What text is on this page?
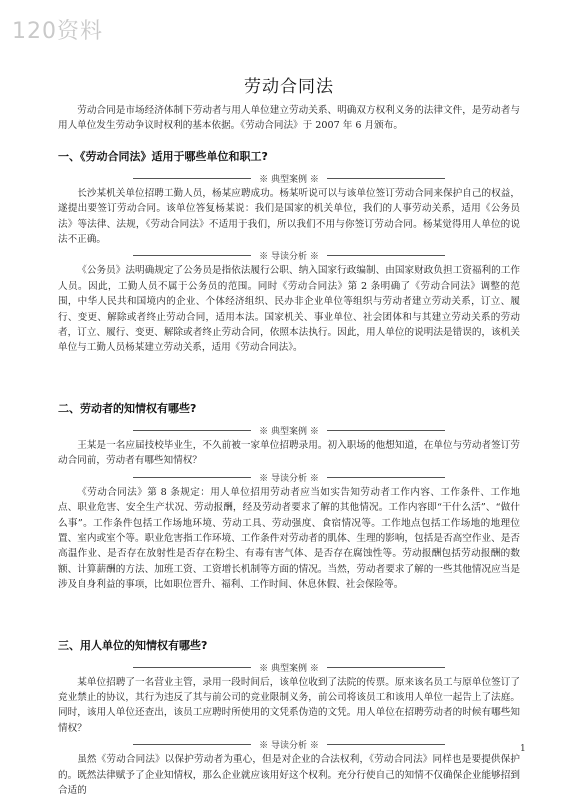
120资料
劳动合同法

劳动合同是市场经济体制下劳动者与用人单位建立劳动关系、明确双方权利义务的法律文件，是劳动者与用人单位发生劳动争议时权利的基本依据。《劳动合同法》于 2007 年 6 月颁布。

一、《劳动合同法》适用于哪些单位和职工?
※ 典型案例 ※

长沙某机关单位招聘工勤人员，杨某应聘成功。杨某听说可以与该单位签订劳动合同来保护自己的权益，遂提出要签订劳动合同。该单位答复杨某说：我们是国家的机关单位，我们的人事劳动关系，适用《公务员法》等法律、法规，《劳动合同法》不适用于我们，所以我们不用与你签订劳动合同。杨某觉得用人单位的说法不正确。

※ 导读分析 ※

《公务员》法明确规定了公务员是指依法履行公职、纳入国家行政编制、由国家财政负担工资福利的工作人员。因此，工勤人员不属于公务员的范围。同时《劳动合同法》第 2 条明确了《劳动合同法》调整的范围，中华人民共和国境内的企业、个体经济组织、民办非企业单位等组织与劳动者建立劳动关系，订立、履行、变更、解除或者终止劳动合同，适用本法。国家机关、事业单位、社会团体和与其建立劳动关系的劳动者，订立、履行、变更、解除或者终止劳动合同，依照本法执行。因此，用人单位的说明法是错误的，该机关单位与工勤人员杨某建立劳动关系，适用《劳动合同法》。

二、劳动者的知情权有哪些?
※ 典型案例 ※

王某是一名应届技校毕业生，不久前被一家单位招聘录用。初入职场的他想知道，在单位与劳动者签订劳动合同前，劳动者有哪些知情权？

※ 导读分析 ※

《劳动合同法》第 8 条规定：用人单位招用劳动者应当如实告知劳动者工作内容、工作条件、工作地点、职业危害、安全生产状况、劳动报酬，经及劳动者要求了解的其他情况。工作内容即“干什么活”、“做什么事”。工作条件包括工作场地环境、劳动工具、劳动强度、食宿情况等。工作地点包括工作场地的地理位置、室内或室个等。职业危害指工作环境、工作条件对劳动者的肌体、生理的影响，包括是否高空作业、是否高温作业、是否存在放射性是否存在粉尘、有毒有害气体、是否存在腐蚀性等。劳动报酬包括劳动报酬的数额、计算薪酬的方法、加班工资、工资增长机制等方面的情况。当然，劳动者要求了解的一些其他情况应当是涉及自身利益的事项，比如职位晋升、福利、工作时间、休息休假、社会保险等。

三、用人单位的知情权有哪些?
※ 典型案例 ※

某单位招聘了一名营业主管，录用一段时间后，该单位收到了法院的传票。原来该名员工与原单位签订了竞业禁止的协议，其行为违反了其与前公司的竞业限制义务，前公司将该员工和该用人单位一起告上了法庭。同时，该用人单位还查出，该员工应聘时所使用的文凭系伪造的文凭。用人单位在招聘劳动者的时候有哪些知情权？

※ 导读分析 ※

虽然《劳动合同法》以保护劳动者为重心，但是对企业的合法权利，《劳动合同法》同样也是要提供保护的。既然法律赋予了企业知情权，那么企业就应该用好这个权利。充分行使自己的知情不仅确保企业能够招到合适的

1
